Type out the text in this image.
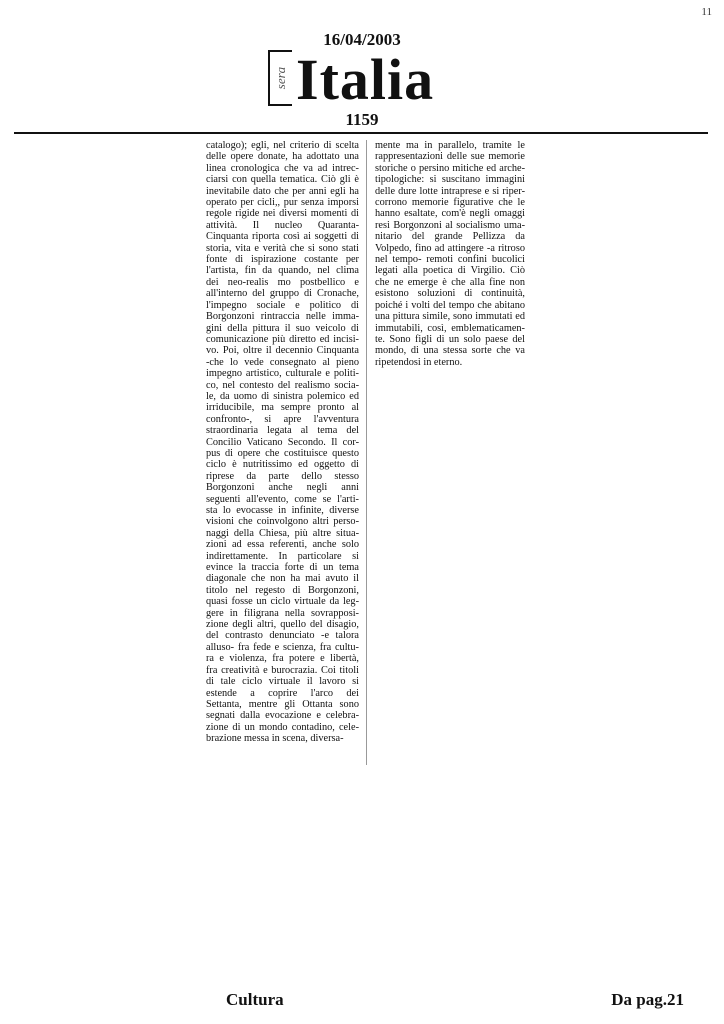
11
16/04/2003
sera Italia
1159
catalogo); egli, nel criterio di scelta
delle opere donate, ha adottato una
linea cronologica che va ad intrec-
ciarsi con quella tematica. Ciò gli è
inevitabile dato che per anni egli ha
operato per cicli,, pur senza imporsi
regole rigide nei diversi momenti di
attività. Il nucleo Quaranta-
Cinquanta riporta così ai soggetti di
storia, vita e verità che si sono stati
fonte di ispirazione costante per
l'artista, fin da quando, nel clima
dei neo-realis mo postbellico e
all'interno del gruppo di Cronache,
l'impegno sociale e politico di
Borgonzoni rintraccia nelle imma-
gini della pittura il suo veicolo di
comunicazione più diretto ed incisi-
vo. Poi, oltre il decennio Cinquanta
-che lo vede consegnato al pieno
impegno artistico, culturale e politi-
co, nel contesto del realismo socia-
le, da uomo di sinistra polemico ed
irriducibile, ma sempre pronto al
confronto-, si apre l'avventura
straordinaria legata al tema del
Concilio Vaticano Secondo. Il cor-
pus di opere che costituisce questo
ciclo è nutritissimo ed oggetto di
riprese da parte dello stesso
Borgonzoni anche negli anni
seguenti all'evento, come se l'arti-
sta lo evocasse in infinite, diverse
visioni che coinvolgono altri perso-
naggi della Chiesa, più altre situa-
zioni ad essa referenti, anche solo
indirettamente. In particolare si
evince la traccia forte di un tema
diagonale che non ha mai avuto il
titolo nel regesto di Borgonzoni,
quasi fosse un ciclo virtuale da leg-
gere in filigrana nella sovrapposi-
zione degli altri, quello del disagio,
del contrasto denunciato -e talora
alluso- fra fede e scienza, fra cultu-
ra e violenza, fra potere e libertà,
fra creatività e burocrazia. Coi titoli
di tale ciclo virtuale il lavoro si
estende a coprire l'arco dei
Settanta, mentre gli Ottanta sono
segnati dalla evocazione e celebra-
zione di un mondo contadino, cele-
brazione messa in scena, diversa-
mente ma in parallelo, tramite le
rappresentazioni delle sue memorie
storiche o persino mitiche ed arche-
tipologiche: si suscitano immagini
delle dure lotte intraprese e si riper-
corrono memorie figurative che le
hanno esaltate, com'è negli omaggi
resi Borgonzoni al socialismo uma-
nitario del grande Pellizza da
Volpedo, fino ad attingere -a ritroso
nel tempo- remoti confini bucolici
legati alla poetica di Virgilio. Ciò
che ne emerge è che alla fine non
esistono soluzioni di continuità,
poiché i volti del tempo che abitano
una pittura simile, sono immutati ed
immutabili, così, emblematicamen-
te. Sono figli di un solo paese del
mondo, di una stessa sorte che va
ripetendosi in eterno.
Cultura	Da pag.21
